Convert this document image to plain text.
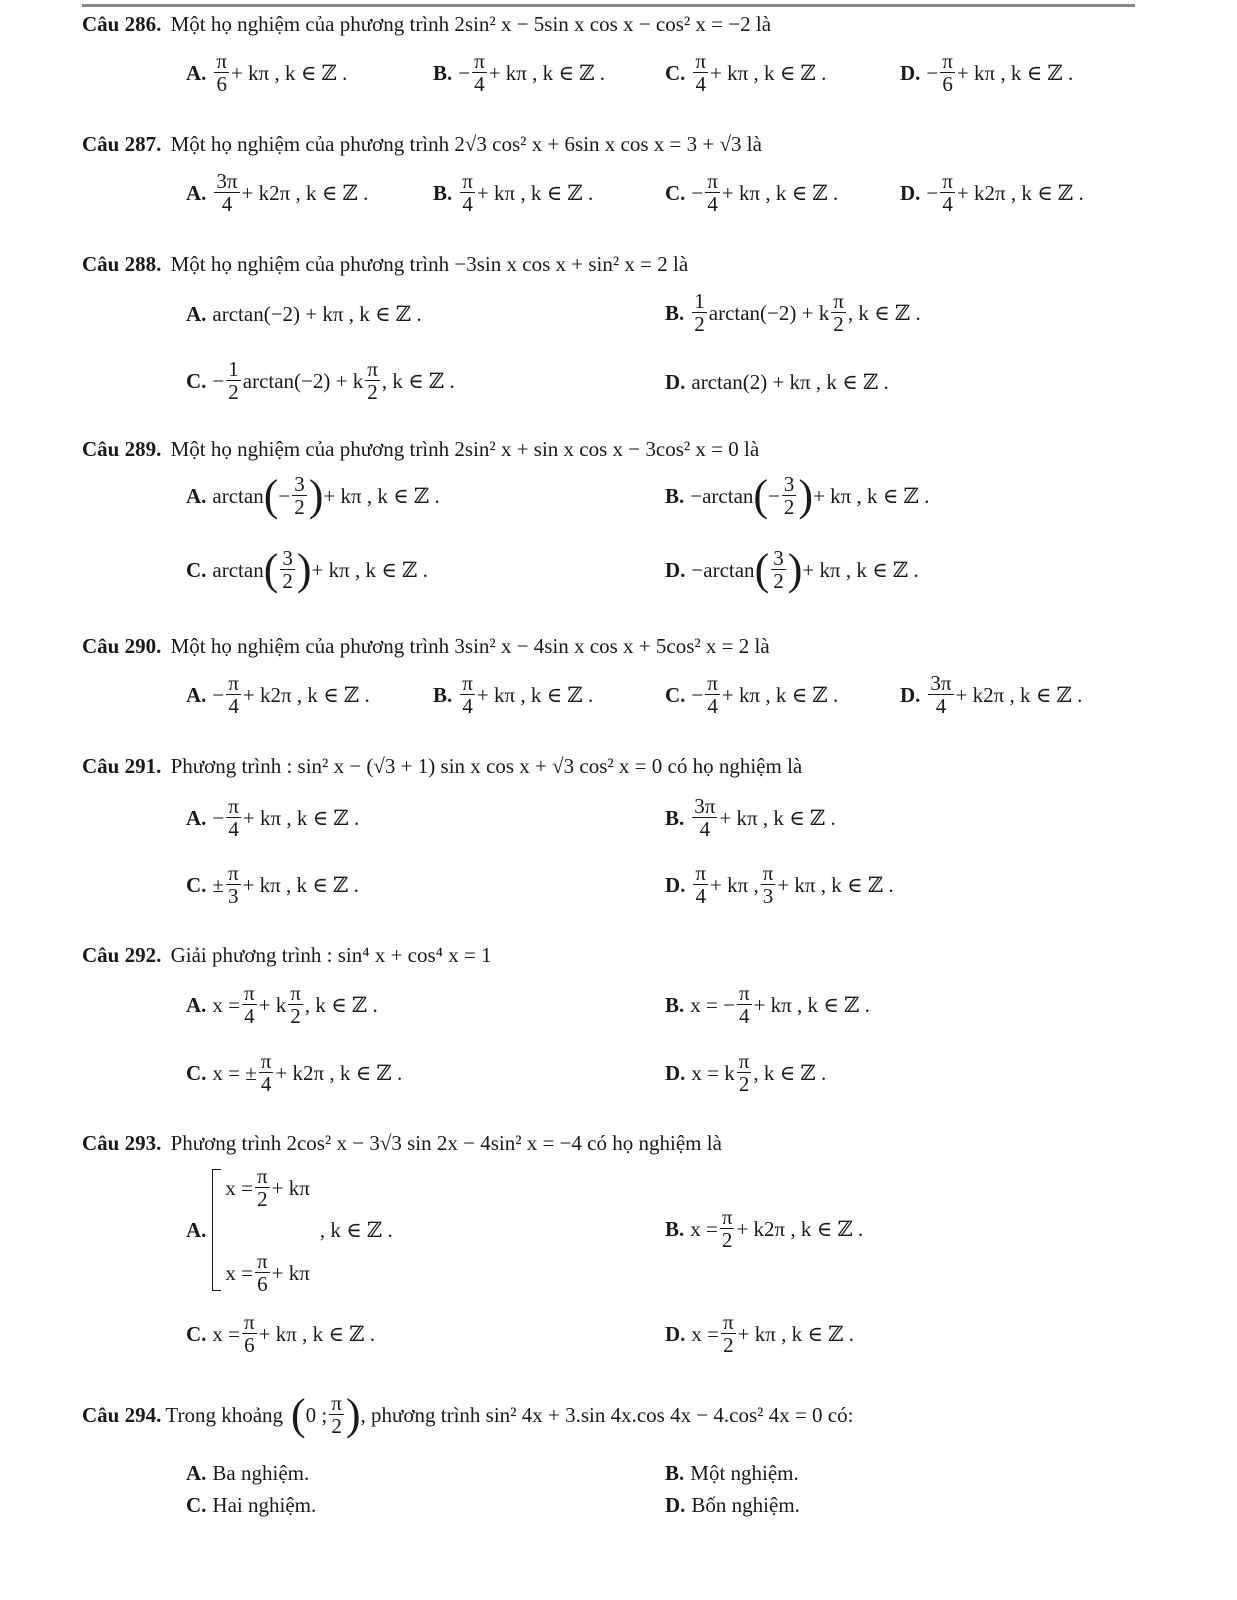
Câu 286. Một họ nghiệm của phương trình 2sin² x − 5sin x cos x − cos² x = −2 là
A. $\frac{\pi}{6} + k\pi$ , k ∈ ℤ .	B. − $\frac{\pi}{4} + k\pi$ , k ∈ ℤ .	C. $\frac{\pi}{4} + k\pi$ , k ∈ ℤ .	D. − $\frac{\pi}{6} + k\pi$ , k ∈ ℤ .
Câu 287. Một họ nghiệm của phương trình 2√3 cos² x + 6sin x cos x = 3 + √3 là
A. $\frac{3\pi}{4} + k2\pi$ , k ∈ ℤ .	B. $\frac{\pi}{4} + k\pi$ , k ∈ ℤ .	C. − $\frac{\pi}{4} + k\pi$ , k ∈ ℤ .	D. − $\frac{\pi}{4} + k2\pi$ , k ∈ ℤ .
Câu 288. Một họ nghiệm của phương trình −3sin x cos x + sin² x = 2 là
A. arctan(−2) + kπ , k ∈ ℤ .	B. $\frac{1}{2} \arctan(-2) + k \frac{\pi}{2}$ , k ∈ ℤ .
C. − $\frac{1}{2} \arctan(-2) + k \frac{\pi}{2}$ , k ∈ ℤ .	D. arctan(2) + kπ , k ∈ ℤ .
Câu 289. Một họ nghiệm của phương trình 2sin² x + sin x cos x − 3cos² x = 0 là
A. arctan ( − $\frac{3}{2}$ ) + kπ , k ∈ ℤ .	B. −arctan ( − $\frac{3}{2}$ ) + kπ , k ∈ ℤ .
C. arctan ( $\frac{3}{2}$ ) + kπ , k ∈ ℤ .	D. −arctan ( $\frac{3}{2}$ ) + kπ , k ∈ ℤ .
Câu 290. Một họ nghiệm của phương trình 3sin² x − 4sin x cos x + 5cos² x = 2 là
A. − $\frac{\pi}{4} + k2\pi$ , k ∈ ℤ .	B. $\frac{\pi}{4} + k\pi$ , k ∈ ℤ .	C. − $\frac{\pi}{4} + k\pi$ , k ∈ ℤ .	D. $\frac{3\pi}{4} + k2\pi$ , k ∈ ℤ .
Câu 291. Phương trình : sin² x − (√3 + 1) sin x cos x + √3 cos² x = 0 có họ nghiệm là
A. − $\frac{\pi}{4} + k\pi$ , k ∈ ℤ .	B. $\frac{3\pi}{4} + k\pi$ , k ∈ ℤ .
C. ± $\frac{\pi}{3} + k\pi$ , k ∈ ℤ .	D. $\frac{\pi}{4} + k\pi$ , $\frac{\pi}{3} + k\pi$ , k ∈ ℤ .
Câu 292. Giải phương trình : sin⁴ x + cos⁴ x = 1
A. $x = \frac{\pi}{4} + k \frac{\pi}{2}$ , k ∈ ℤ .	B. x = − $\frac{\pi}{4} + k\pi$ , k ∈ ℤ .
C. x = ± $\frac{\pi}{4} + k2\pi$ , k ∈ ℤ .	D. x = k $\frac{\pi}{2}$ , k ∈ ℤ .
Câu 293. Phương trình 2cos² x − 3√3 sin 2x − 4sin² x = −4 có họ nghiệm là
A.
$x = \frac{\pi}{2} + k\pi$
$x = \frac{\pi}{6} + k\pi$
, k ∈ ℤ .	B. $x = \frac{\pi}{2} + k2\pi$ , k ∈ ℤ .
C. $x = \frac{\pi}{6} + k\pi$ , k ∈ ℤ .	D. $x = \frac{\pi}{2} + k\pi$ , k ∈ ℤ .
Câu 294. Trong khoảng ( 0 ; $\frac{\pi}{2}$ ) , phương trình sin² 4x + 3.sin 4x.cos 4x − 4.cos² 4x = 0 có:
A. Ba nghiệm.	B. Một nghiệm.
C. Hai nghiệm.	D. Bốn nghiệm.
